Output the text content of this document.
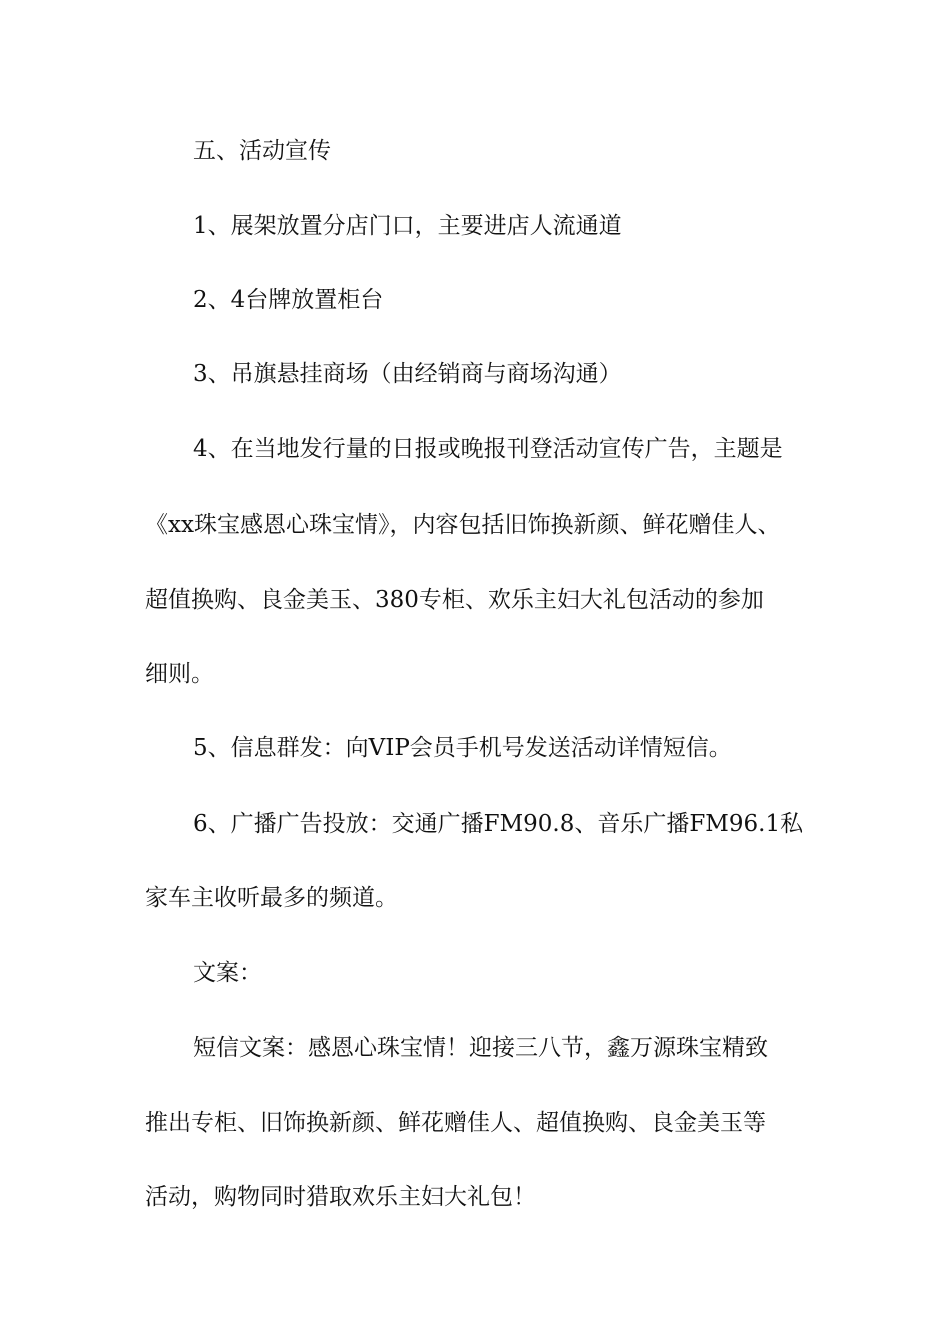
五、活动宣传
1、展架放置分店门口，主要进店人流通道
2、4台牌放置柜台
3、吊旗悬挂商场（由经销商与商场沟通）
4、在当地发行量的日报或晚报刊登活动宣传广告，主题是
《xx珠宝感恩心珠宝情》，内容包括旧饰换新颜、鲜花赠佳人、
超值换购、良金美玉、380专柜、欢乐主妇大礼包活动的参加
细则。
5、信息群发：向VIP会员手机号发送活动详情短信。
6、广播广告投放：交通广播FM90.8、音乐广播FM96.1私
家车主收听最多的频道。
文案：
短信文案：感恩心珠宝情！迎接三八节，鑫万源珠宝精致
推出专柜、旧饰换新颜、鲜花赠佳人、超值换购、良金美玉等
活动，购物同时猎取欢乐主妇大礼包！
